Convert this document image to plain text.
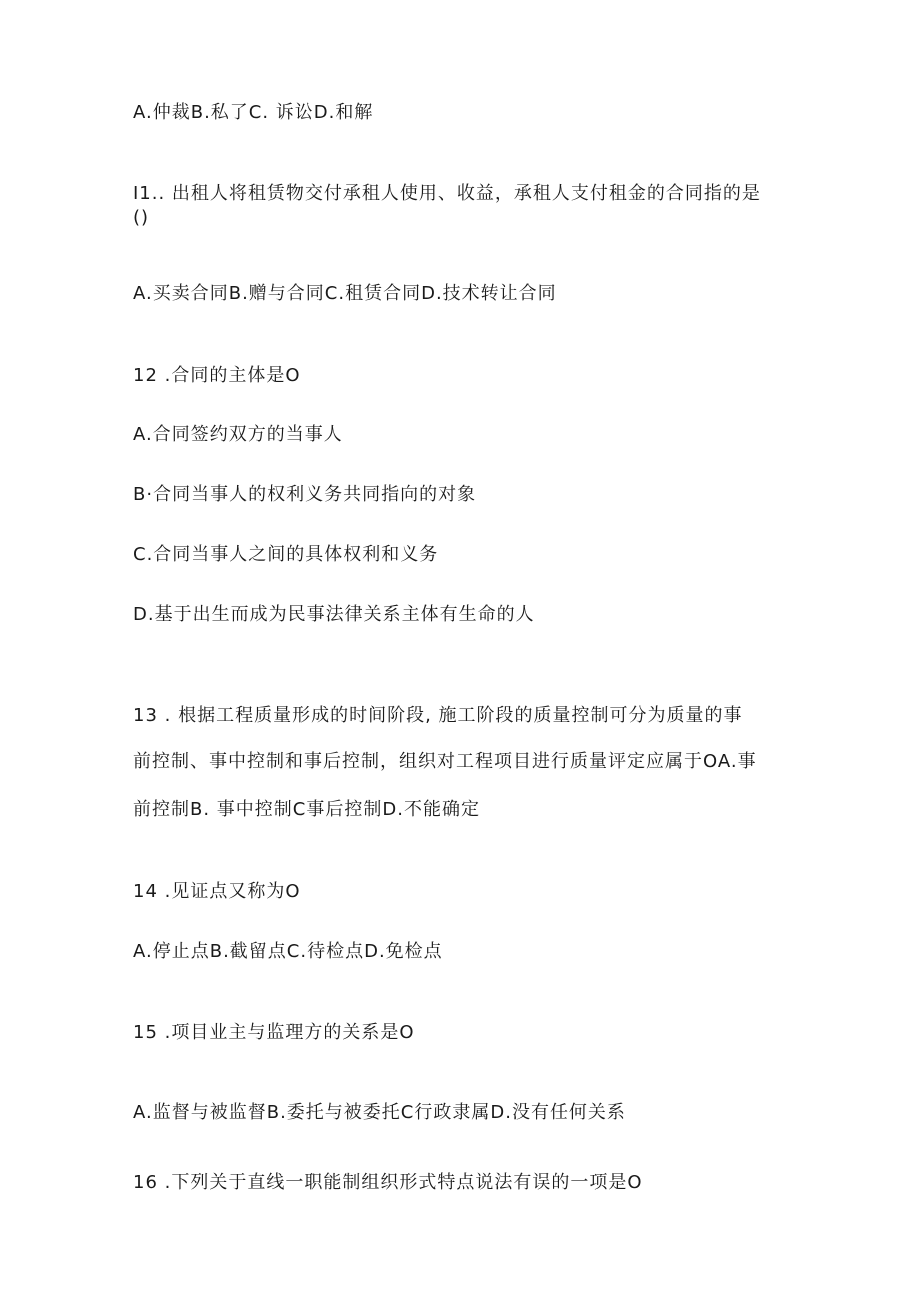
A.仲裁B.私了C. 诉讼D.和解
I1.. 出租人将租赁物交付承租人使用、收益，承租人支付租金的合同指的是
()
A.买卖合同B.赠与合同C.租赁合同D.技术转让合同
12 .合同的主体是O
A.合同签约双方的当事人
B·合同当事人的权利义务共同指向的对象
C.合同当事人之间的具体权利和义务
D.基于出生而成为民事法律关系主体有生命的人
13 . 根据工程质量形成的时间阶段, 施工阶段的质量控制可分为质量的事
前控制、事中控制和事后控制，组织对工程项目进行质量评定应属于OA.事
前控制B. 事中控制C事后控制D.不能确定
14 .见证点又称为O
A.停止点B.截留点C.待检点D.免检点
15 .项目业主与监理方的关系是O
A.监督与被监督B.委托与被委托C行政隶属D.没有任何关系
16 .下列关于直线一职能制组织形式特点说法有误的一项是O
